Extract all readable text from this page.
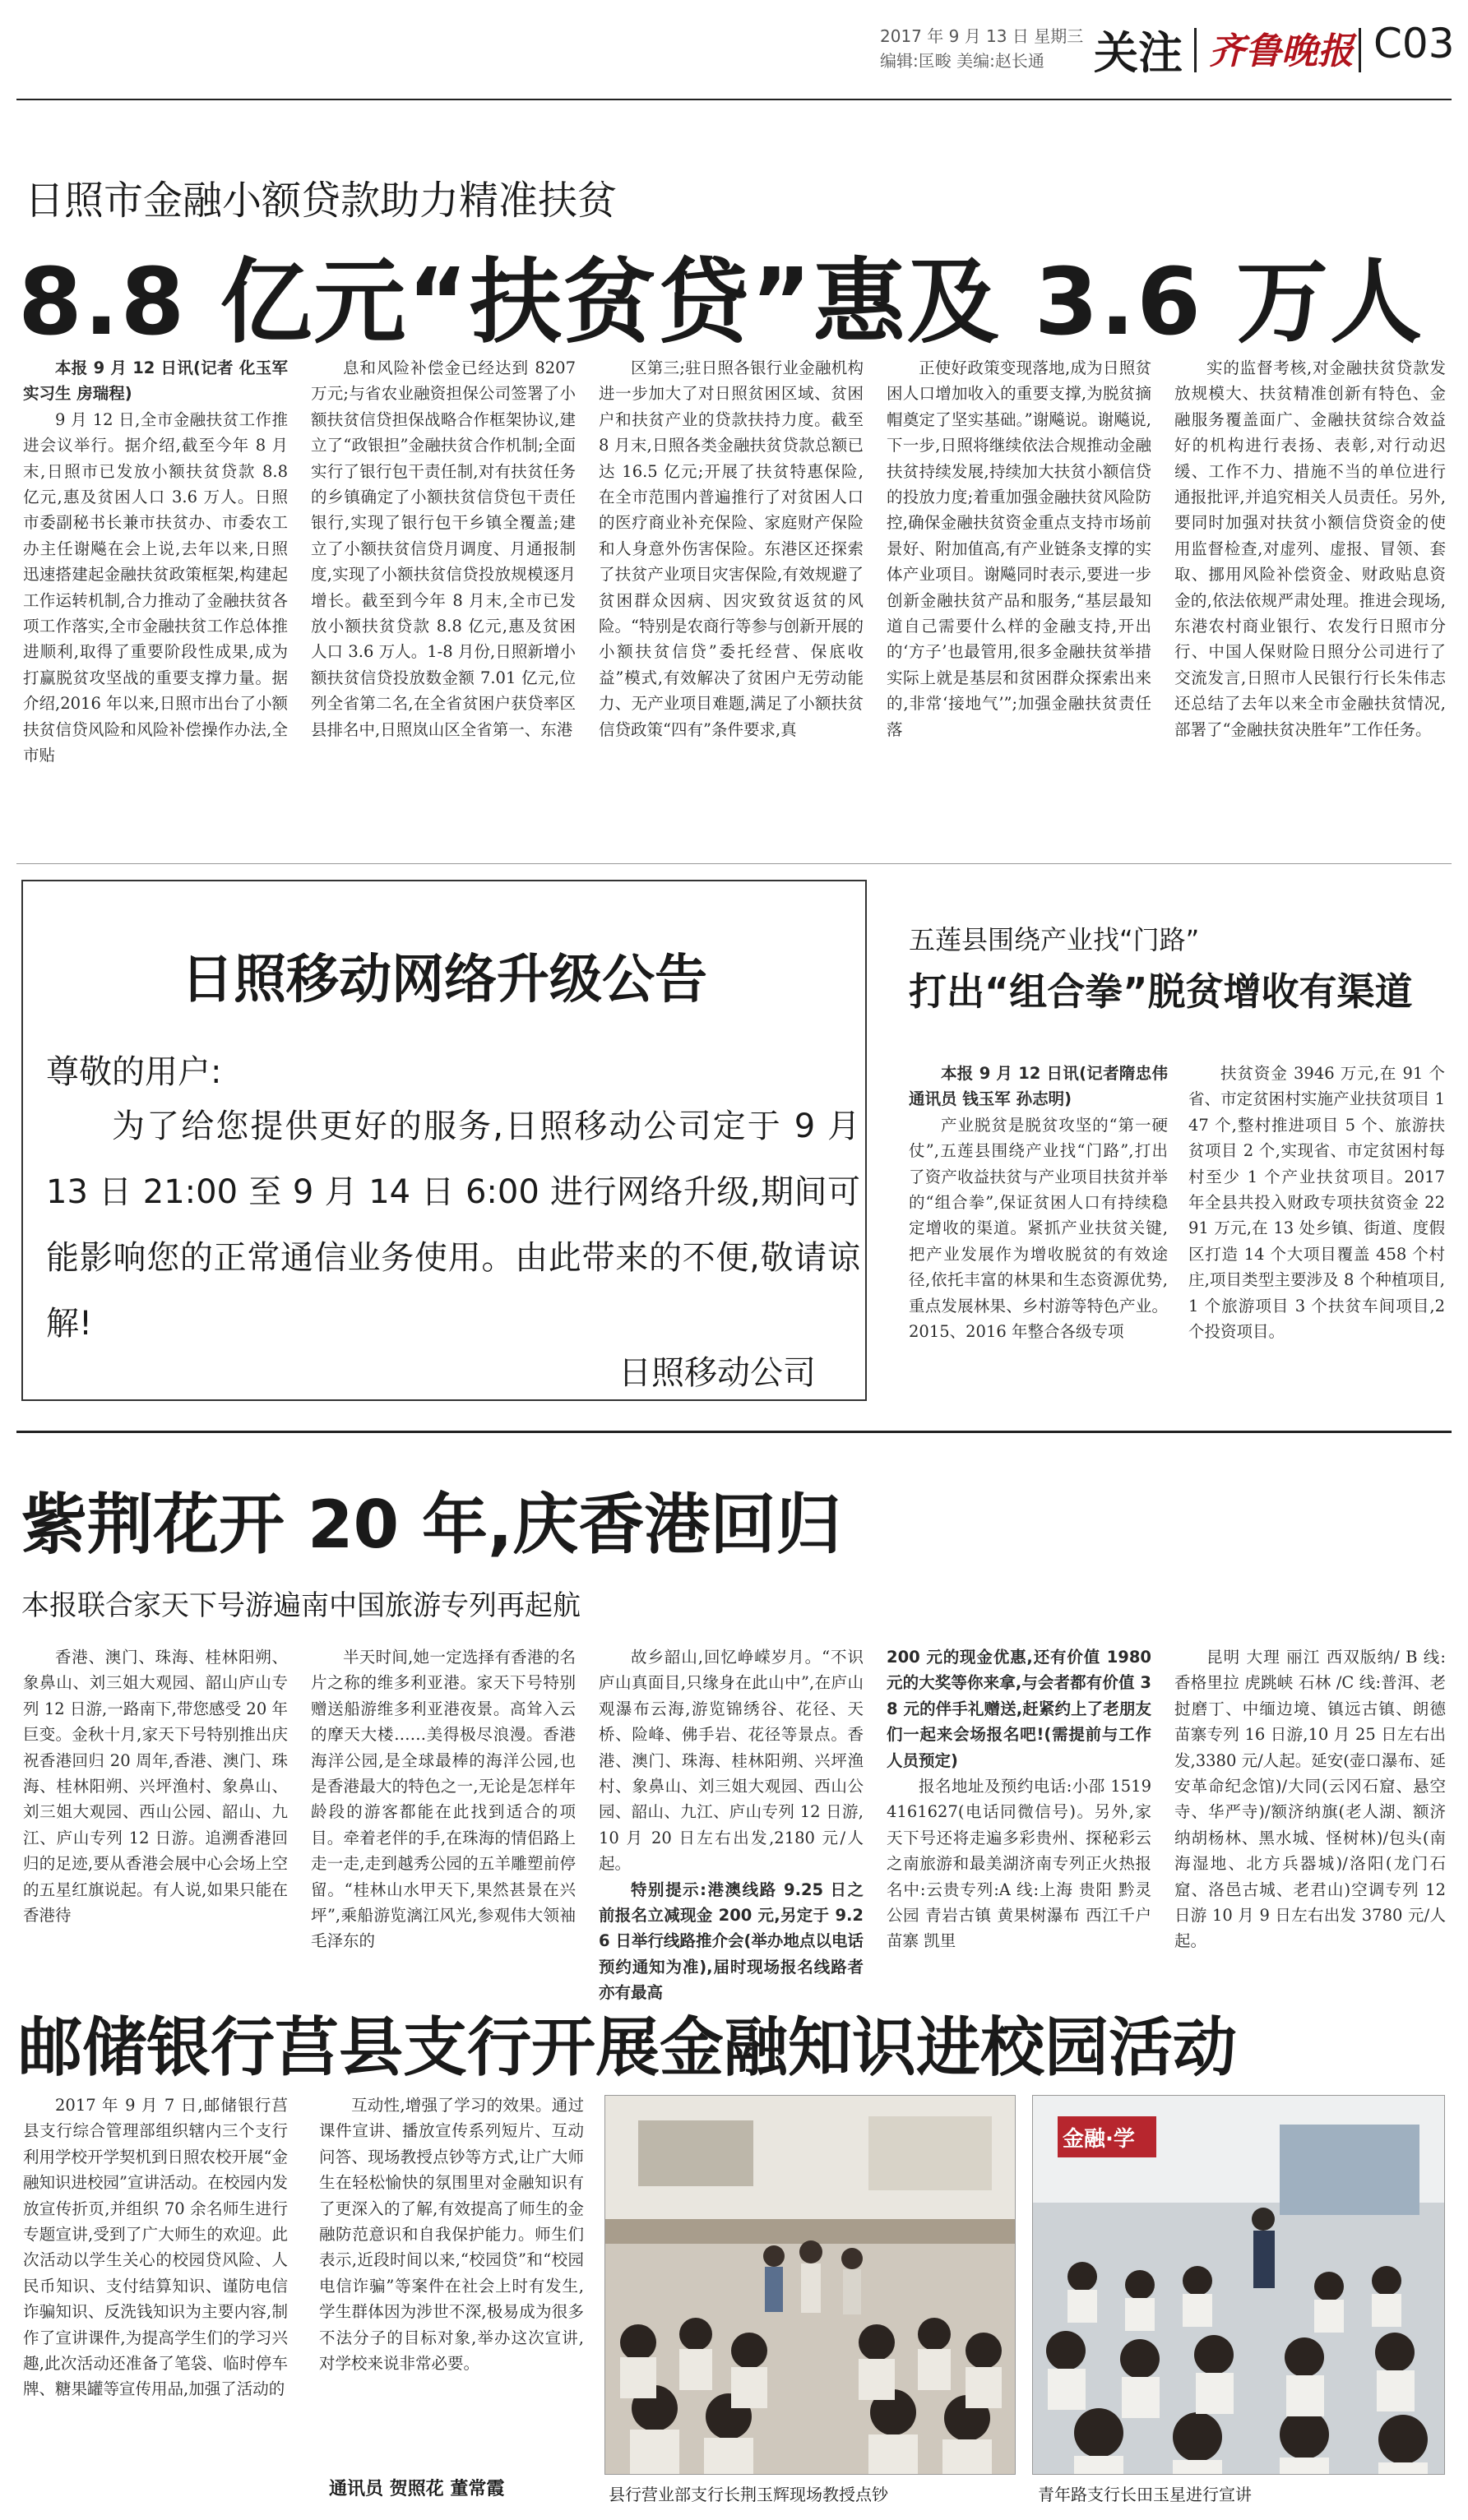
2017 年 9 月 13 日 星期三
编辑:匡畯 美编:赵长通 关注 齐鲁晚报 C03
日照市金融小额贷款助力精准扶贫
8.8 亿元“扶贫贷”惠及 3.6 万人

本报 9 月 12 日讯(记者 化玉军 实习生 房瑞程)

9 月 12 日,全市金融扶贫工作推进会议举行。据介绍,截至今年 8 月末,日照市已发放小额扶贫贷款 8.8 亿元,惠及贫困人口 3.6 万人。日照市委副秘书长兼市扶贫办、市委农工办主任谢飚在会上说,去年以来,日照迅速搭建起金融扶贫政策框架,构建起工作运转机制,合力推动了金融扶贫各项工作落实,全市金融扶贫工作总体推进顺利,取得了重要阶段性成果,成为打赢脱贫攻坚战的重要支撑力量。据介绍,2016 年以来,日照市出台了小额扶贫信贷风险和风险补偿操作办法,全市贴

息和风险补偿金已经达到 8207 万元;与省农业融资担保公司签署了小额扶贫信贷担保战略合作框架协议,建立了“政银担”金融扶贫合作机制;全面实行了银行包干责任制,对有扶贫任务的乡镇确定了小额扶贫信贷包干责任银行,实现了银行包干乡镇全覆盖;建立了小额扶贫信贷月调度、月通报制度,实现了小额扶贫信贷投放规模逐月增长。截至到今年 8 月末,全市已发放小额扶贫贷款 8.8 亿元,惠及贫困人口 3.6 万人。1-8 月份,日照新增小额扶贫信贷投放数金额 7.01 亿元,位列全省第二名,在全省贫困户获贷率区县排名中,日照岚山区全省第一、东港

区第三;驻日照各银行业金融机构进一步加大了对日照贫困区域、贫困户和扶贫产业的贷款扶持力度。截至 8 月末,日照各类金融扶贫贷款总额已达 16.5 亿元;开展了扶贫特惠保险,在全市范围内普遍推行了对贫困人口的医疗商业补充保险、家庭财产保险和人身意外伤害保险。东港区还探索了扶贫产业项目灾害保险,有效规避了贫困群众因病、因灾致贫返贫的风险。“特别是农商行等参与创新开展的小额扶贫信贷”委托经营、保底收益”模式,有效解决了贫困户无劳动能力、无产业项目难题,满足了小额扶贫信贷政策“四有”条件要求,真

正使好政策变现落地,成为日照贫困人口增加收入的重要支撑,为脱贫摘帽奠定了坚实基础。”谢飚说。谢飚说,下一步,日照将继续依法合规推动金融扶贫持续发展,持续加大扶贫小额信贷的投放力度;着重加强金融扶贫风险防控,确保金融扶贫资金重点支持市场前景好、附加值高,有产业链条支撑的实体产业项目。谢飚同时表示,要进一步创新金融扶贫产品和服务,“基层最知道自己需要什么样的金融支持,开出的‘方子’也最管用,很多金融扶贫举措实际上就是基层和贫困群众探索出来的,非常‘接地气’”;加强金融扶贫责任落

实的监督考核,对金融扶贫贷款发放规模大、扶贫精准创新有特色、金融服务覆盖面广、金融扶贫综合效益好的机构进行表扬、表彰,对行动迟缓、工作不力、措施不当的单位进行通报批评,并追究相关人员责任。另外,要同时加强对扶贫小额信贷资金的使用监督检查,对虚列、虚报、冒领、套取、挪用风险补偿资金、财政贴息资金的,依法依规严肃处理。推进会现场,东港农村商业银行、农发行日照市分行、中国人保财险日照分公司进行了交流发言,日照市人民银行行长朱伟志还总结了去年以来全市金融扶贫情况,部署了“金融扶贫决胜年”工作任务。

日照移动网络升级公告
尊敬的用户:
为了给您提供更好的服务,日照移动公司定于 9 月 13 日 21:00 至 9 月 14 日 6:00 进行网络升级,期间可能影响您的正常通信业务使用。由此带来的不便,敬请谅解!
日照移动公司
五莲县围绕产业找“门路”
打出“组合拳”脱贫增收有渠道

本报 9 月 12 日讯(记者隋忠伟 通讯员 钱玉军 孙志明)

产业脱贫是脱贫攻坚的“第一硬仗”,五莲县围绕产业找“门路”,打出了资产收益扶贫与产业项目扶贫并举的“组合拳”,保证贫困人口有持续稳定增收的渠道。紧抓产业扶贫关键,把产业发展作为增收脱贫的有效途径,依托丰富的林果和生态资源优势,重点发展林果、乡村游等特色产业。2015、2016 年整合各级专项

扶贫资金 3946 万元,在 91 个省、市定贫困村实施产业扶贫项目 147 个,整村推进项目 5 个、旅游扶贫项目 2 个,实现省、市定贫困村每村至少 1 个产业扶贫项目。2017 年全县共投入财政专项扶贫资金 2291 万元,在 13 处乡镇、街道、度假区打造 14 个大项目覆盖 458 个村庄,项目类型主要涉及 8 个种植项目,1 个旅游项目 3 个扶贫车间项目,2 个投资项目。

紫荆花开 20 年,庆香港回归
本报联合家天下号游遍南中国旅游专列再起航

香港、澳门、珠海、桂林阳朔、象鼻山、刘三姐大观园、韶山庐山专列 12 日游,一路南下,带您感受 20 年巨变。金秋十月,家天下号特别推出庆祝香港回归 20 周年,香港、澳门、珠海、桂林阳朔、兴坪渔村、象鼻山、刘三姐大观园、西山公园、韶山、九江、庐山专列 12 日游。追溯香港回归的足迹,要从香港会展中心会场上空的五星红旗说起。有人说,如果只能在香港待

半天时间,她一定选择有香港的名片之称的维多利亚港。家天下号特别赠送船游维多利亚港夜景。高耸入云的摩天大楼……美得极尽浪漫。香港海洋公园,是全球最棒的海洋公园,也是香港最大的特色之一,无论是怎样年龄段的游客都能在此找到适合的项目。牵着老伴的手,在珠海的情侣路上走一走,走到越秀公园的五羊雕塑前停留。“桂林山水甲天下,果然甚景在兴坪”,乘船游览漓江风光,参观伟大领袖毛泽东的

故乡韶山,回忆峥嵘岁月。“不识庐山真面目,只缘身在此山中”,在庐山观瀑布云海,游览锦绣谷、花径、天桥、险峰、佛手岩、花径等景点。香港、澳门、珠海、桂林阳朔、兴坪渔村、象鼻山、刘三姐大观园、西山公园、韶山、九江、庐山专列 12 日游,10 月 20 日左右出发,2180 元/人起。

特别提示:港澳线路 9.25 日之前报名立减现金 200 元,另定于 9.26 日举行线路推介会(举办地点以电话预约通知为准),届时现场报名线路者亦有最高

200 元的现金优惠,还有价值 1980 元的大奖等你来拿,与会者都有价值 38 元的伴手礼赠送,赶紧约上了老朋友们一起来会场报名吧!(需提前与工作人员预定)

报名地址及预约电话:小邵 15194161627(电话同微信号)。另外,家天下号还将走遍多彩贵州、探秘彩云之南旅游和最美湖济南专列正火热报名中:云贵专列:A 线:上海 贵阳 黔灵公园 青岩古镇 黄果树瀑布 西江千户苗寨 凯里

昆明 大理 丽江 西双版纳/ B 线:香格里拉 虎跳峡 石林 /C 线:普洱、老挝磨丁、中缅边境、镇远古镇、朗德苗寨专列 16 日游,10 月 25 日左右出发,3380 元/人起。延安(壶口瀑布、延安革命纪念馆)/大同(云冈石窟、悬空寺、华严寺)/额济纳旗(老人湖、额济纳胡杨林、黑水城、怪树林)/包头(南海湿地、北方兵器城)/洛阳(龙门石窟、洛邑古城、老君山)空调专列 12 日游 10 月 9 日左右出发 3780 元/人起。

邮储银行莒县支行开展金融知识进校园活动

2017 年 9 月 7 日,邮储银行莒县支行综合管理部组织辖内三个支行利用学校开学契机到日照农校开展“金融知识进校园”宣讲活动。在校园内发放宣传折页,并组织 70 余名师生进行专题宣讲,受到了广大师生的欢迎。此次活动以学生关心的校园贷风险、人民币知识、支付结算知识、谨防电信诈骗知识、反洗钱知识为主要内容,制作了宣讲课件,为提高学生们的学习兴趣,此次活动还准备了笔袋、临时停车牌、糖果罐等宣传用品,加强了活动的

互动性,增强了学习的效果。通过课件宣讲、播放宣传系列短片、互动问答、现场教授点钞等方式,让广大师生在轻松愉快的氛围里对金融知识有了更深入的了解,有效提高了师生的金融防范意识和自我保护能力。师生们表示,近段时间以来,“校园贷”和“校园电信诈骗”等案件在社会上时有发生,学生群体因为涉世不深,极易成为很多不法分子的目标对象,举办这次宣讲,对学校来说非常必要。

通讯员 贺照花 董常霞	县行营业部支行长荆玉辉现场教授点钞
金融·学
青年路支行长田玉星进行宣讲
